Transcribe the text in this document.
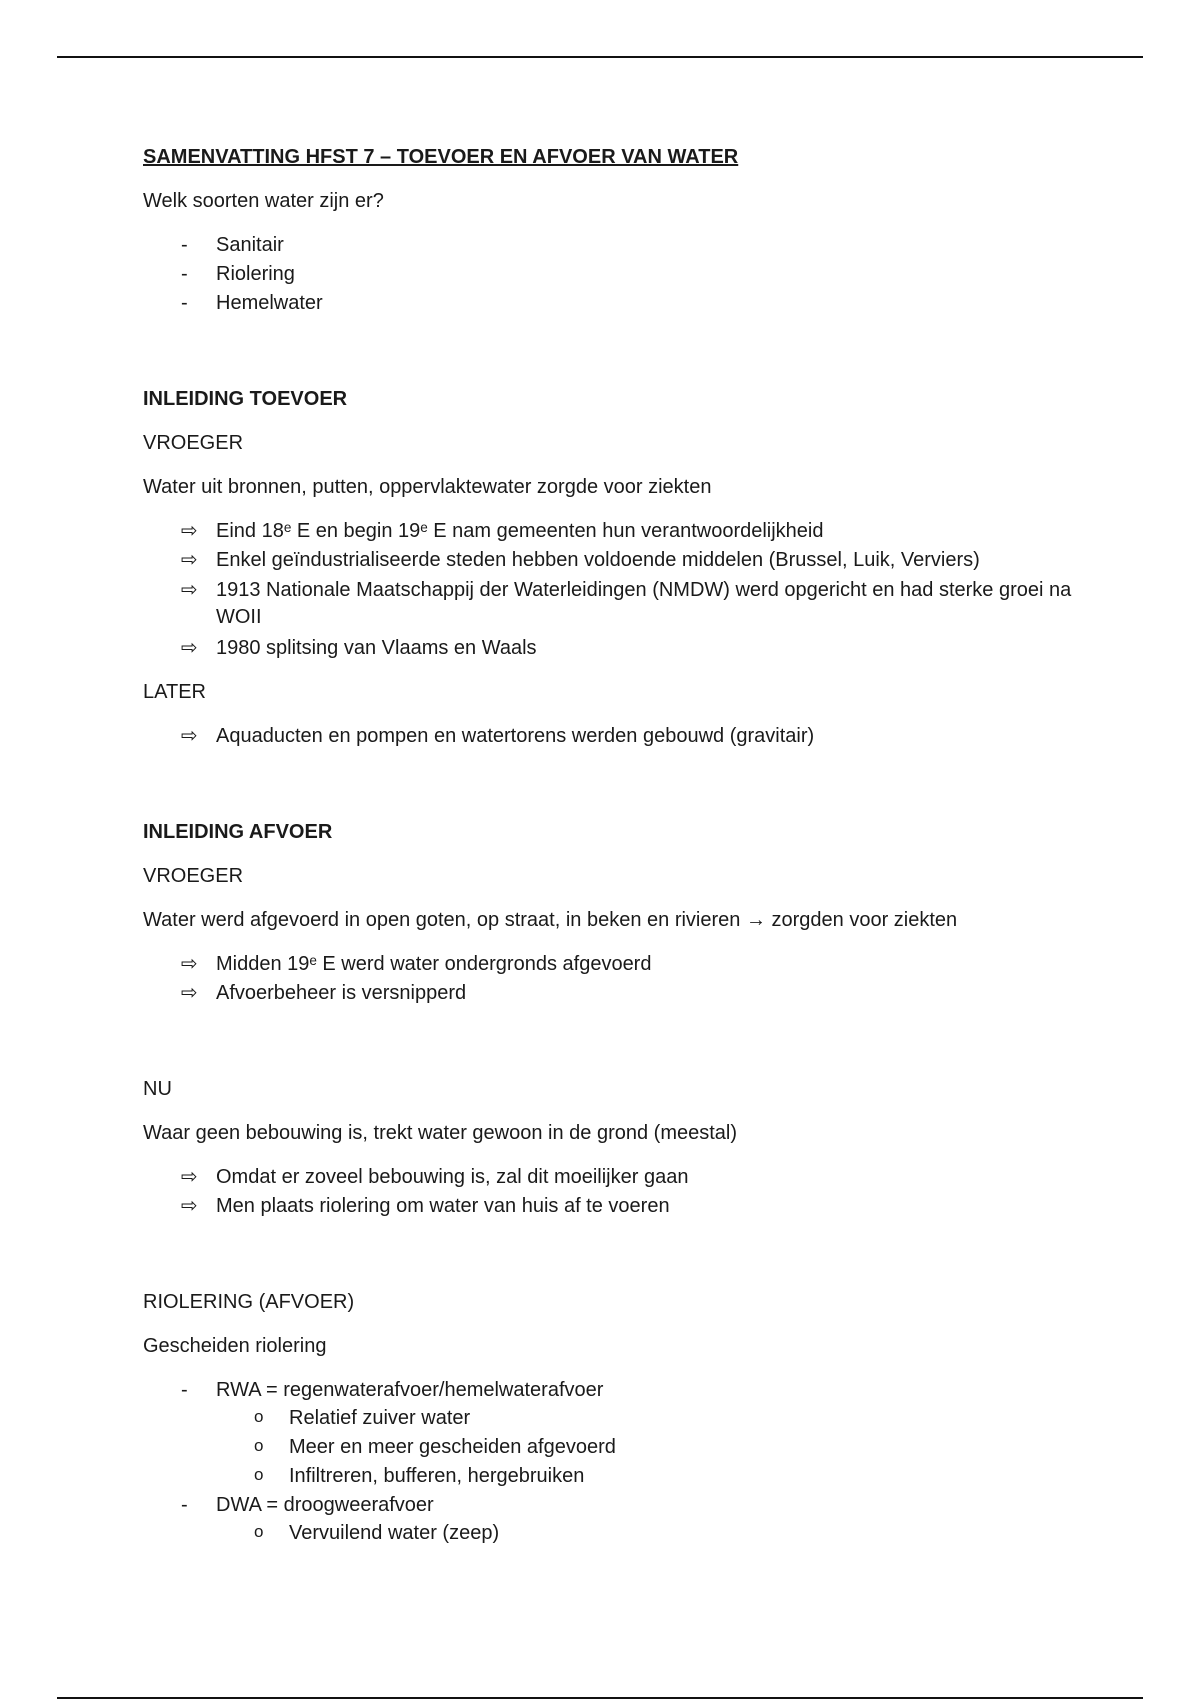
SAMENVATTING HFST 7 – TOEVOER EN AFVOER VAN WATER

Welk soorten water zijn er?

-	Sanitair
-	Riolering
-	Hemelwater
INLEIDING TOEVOER

VROEGER

Water uit bronnen, putten, oppervlaktewater zorgde voor ziekten

⇨ Eind 18ᵉ E en begin 19ᵉ E nam gemeenten hun verantwoordelijkheid
⇨ Enkel geïndustrialiseerde steden hebben voldoende middelen (Brussel, Luik, Verviers)
⇨ 1913 Nationale Maatschappij der Waterleidingen (NMDW) werd opgericht en had sterke groei na WOII
⇨ 1980 splitsing van Vlaams en Waals

LATER

⇨ Aquaducten en pompen en watertorens werden gebouwd (gravitair)
INLEIDING AFVOER

VROEGER

Water werd afgevoerd in open goten, op straat, in beken en rivieren → zorgden voor ziekten

⇨ Midden 19ᵉ E werd water ondergronds afgevoerd
⇨ Afvoerbeheer is versnipperd

NU

Waar geen bebouwing is, trekt water gewoon in de grond (meestal)

⇨ Omdat er zoveel bebouwing is, zal dit moeilijker gaan
⇨ Men plaats riolering om water van huis af te voeren

RIOLERING (AFVOER)

Gescheiden riolering

-	RWA = regenwaterafvoer/hemelwaterafvoer
o	Relatief zuiver water
o	Meer en meer gescheiden afgevoerd
o	Infiltreren, bufferen, hergebruiken
-	DWA = droogweerafvoer
o	Vervuilend water (zeep)
